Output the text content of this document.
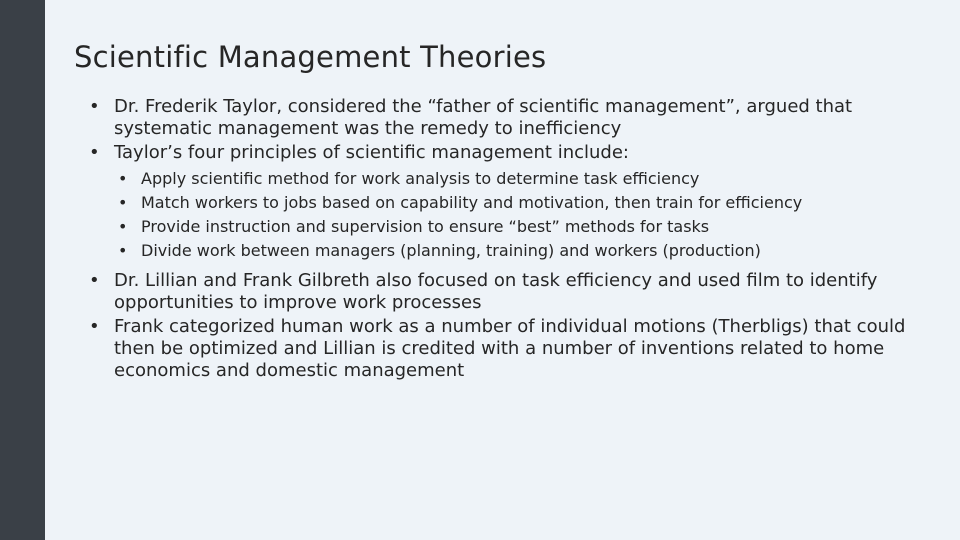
Scientific Management Theories
• Dr. Frederik Taylor, considered the “father of scientific management”, argued that systematic management was the remedy to inefficiency
• Taylor’s four principles of scientific management include:
• Apply scientific method for work analysis to determine task efficiency
• Match workers to jobs based on capability and motivation, then train for efficiency
• Provide instruction and supervision to ensure “best” methods for tasks
• Divide work between managers (planning, training) and workers (production)
• Dr. Lillian and Frank Gilbreth also focused on task efficiency and used film to identify opportunities to improve work processes
• Frank categorized human work as a number of individual motions (Therbligs) that could then be optimized and Lillian is credited with a number of inventions related to home economics and domestic management
